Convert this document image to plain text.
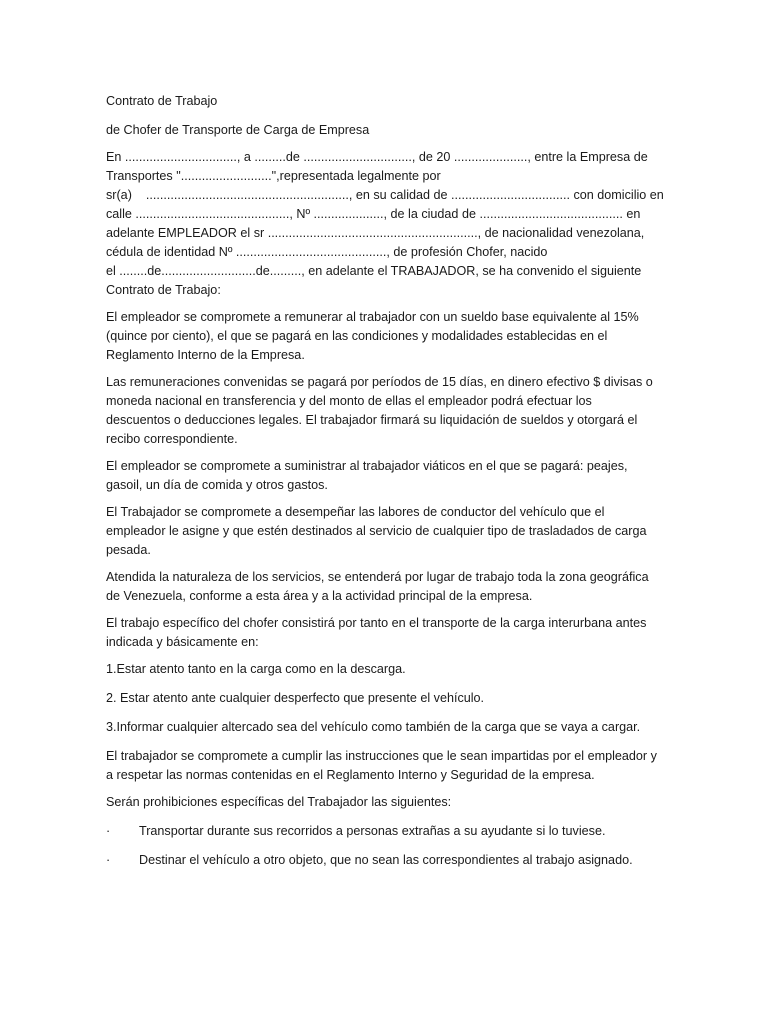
Contrato de Trabajo
de Chofer de Transporte de Carga de Empresa
En ................................, a .........de ..............................., de 20 ....................., entre la Empresa de
Transportes "..........................",representada legalmente por
sr(a)    .........................................................., en su calidad de .................................. con domicilio en
calle ............................................, Nº ...................., de la ciudad de ......................................... en
adelante EMPLEADOR el sr ............................................................, de nacionalidad venezolana,
cédula de identidad Nº ..........................................., de profesión Chofer, nacido
el ........de...........................de........., en adelante el TRABAJADOR, se ha convenido el siguiente
Contrato de Trabajo:
El empleador se compromete a remunerar al trabajador con un sueldo base equivalente al 15%
(quince por ciento), el que se pagará en las condiciones y modalidades establecidas en el
Reglamento Interno de la Empresa.
Las remuneraciones convenidas se pagará por períodos de 15 días, en dinero efectivo $ divisas o
moneda nacional en transferencia y del monto de ellas el empleador podrá efectuar los
descuentos o deducciones legales. El trabajador firmará su liquidación de sueldos y otorgará el
recibo correspondiente.
El empleador se compromete a suministrar al trabajador viáticos en el que se pagará: peajes,
gasoil, un día de comida y otros gastos.
El Trabajador se compromete a desempeñar las labores de conductor del vehículo que el
empleador le asigne y que estén destinados al servicio de cualquier tipo de trasladados de carga
pesada.
Atendida la naturaleza de los servicios, se entenderá por lugar de trabajo toda la zona geográfica
de Venezuela, conforme a esta área y a la actividad principal de la empresa.
El trabajo específico del chofer consistirá por tanto en el transporte de la carga interurbana antes
indicada y básicamente en:
1.Estar atento tanto en la carga como en la descarga.
2. Estar atento ante cualquier desperfecto que presente el vehículo.
3.Informar cualquier altercado sea del vehículo como también de la carga que se vaya a cargar.
El trabajador se compromete a cumplir las instrucciones que le sean impartidas por el empleador y
a respetar las normas contenidas en el Reglamento Interno y Seguridad de la empresa.
Serán prohibiciones específicas del Trabajador las siguientes:
·	Transportar durante sus recorridos a personas extrañas a su ayudante si lo tuviese.
·	Destinar el vehículo a otro objeto, que no sean las correspondientes al trabajo asignado.
